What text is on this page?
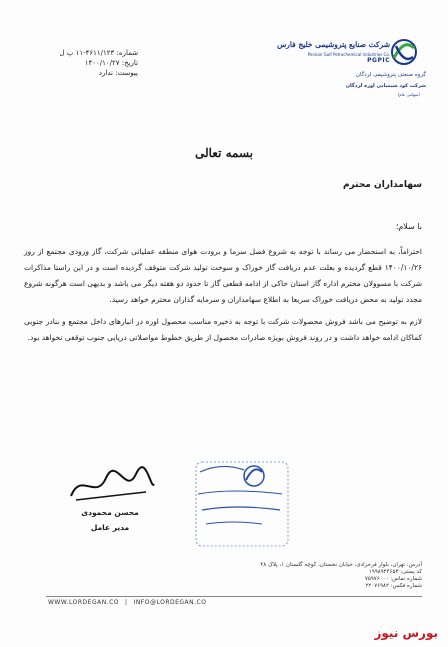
شماره: ۴۶۱۱/۱۲۳-۱۱ پ ل
تاریخ: ۱۴۰۰/۱۰/۲۷
پیوست: ندارد
شرکت صنایع پتروشیمی خلیج فارس
Persian Gulf Petrochemical Industries Co.
PGPIC
گروه صنعتی پتروشیمی لردگان
شرکت کود شیمیایی اوره لردگان
(سهامی عام)
بسمه تعالی
سهامداران محترم
با سلام؛

احتراماً، به استحضار می رساند با توجه به شروع فصل سرما و برودت هوای منطقه عملیاتی شرکت، گاز ورودی مجتمع از روز ۱۴۰۰/۱۰/۲۶ قطع گردیده و بعلت عدم دریافت گاز خوراک و سوخت تولید شرکت متوقف گردیده است و در این راستا مذاکرات شرکت با مسوولان محترم اداره گاز استان حاکی از ادامه قطعی گاز تا حدود دو هفته دیگر می باشد و بدیهی است هرگونه شروع مجدد تولید به محض دریافت خوراک سریعا به اطلاع سهامداران و سرمایه گذاران محترم خواهد رسید.

لازم به توضیح می باشد فروش محصولات شرکت با توجه به ذخیره مناسب محصول اوره در انبارهای داخل مجتمع و بنادر جنوبی کماکان ادامه خواهد داشت و در روند فروش بویژه صادرات محصول از طریق خطوط مواصلاتی دریایی جنوب توقفی نخواهد بود.

محسن محمودی
مدیر عامل
آدرس: تهران، بلوار فرحزادی، خیابان نخستان، کوچه گلستان ۱، پلاک ۴۸
کد پستی: ۱۹۹۸۹۴۴۶۵۳
شماره تماس: ۷۵۹۷۶۰۰۰
شماره فکس: ۲۲۰۷۶۹۸۲
WWW.LORDEGAN.CO | INFO@LORDEGAN.CO
بورس نیوز
